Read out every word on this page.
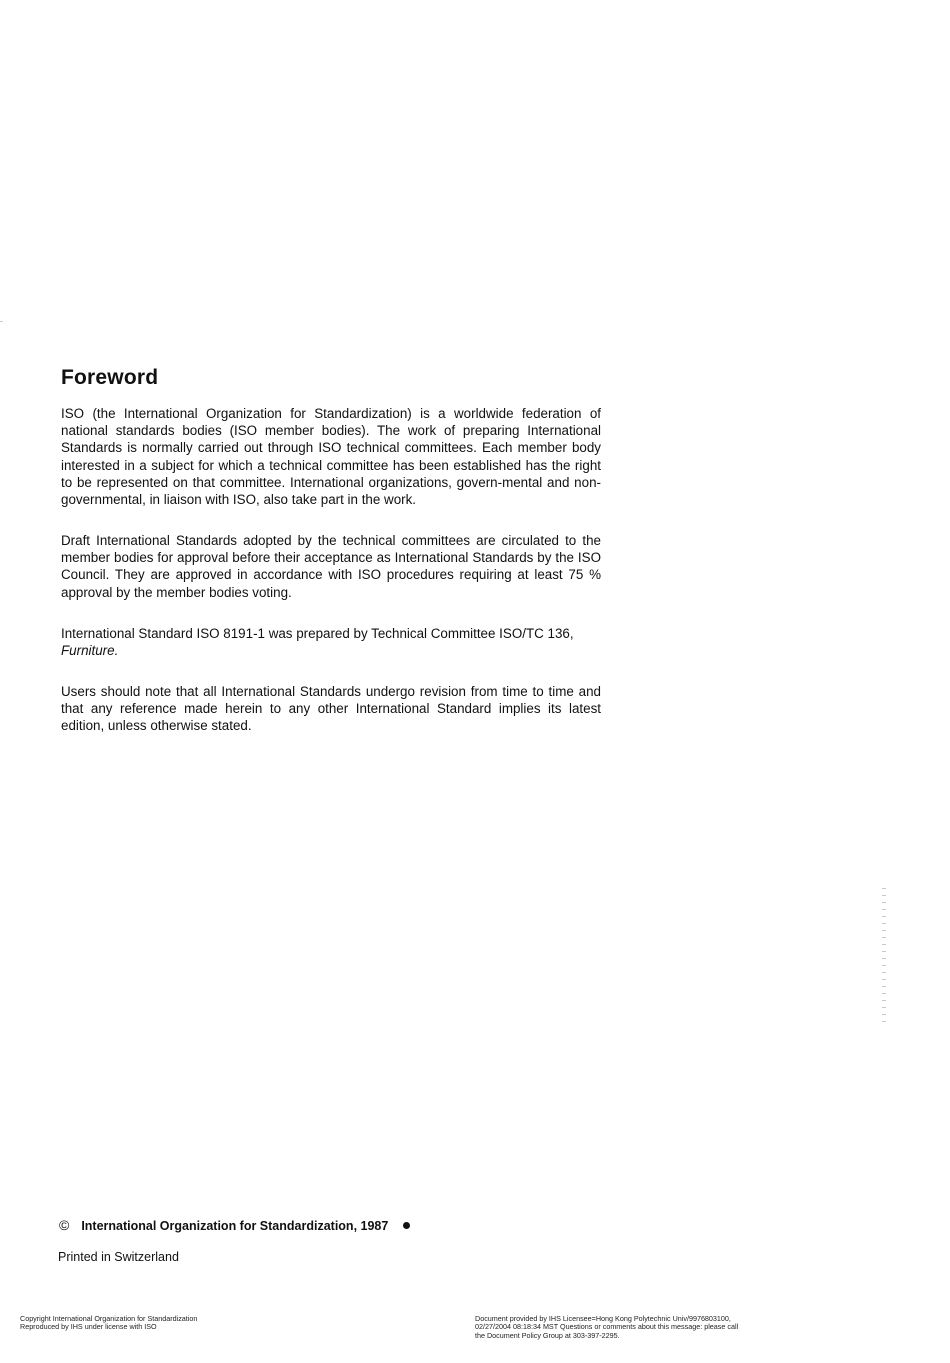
Foreword

ISO (the International Organization for Standardization) is a worldwide federation of national standards bodies (ISO member bodies). The work of preparing International Standards is normally carried out through ISO technical committees. Each member body interested in a subject for which a technical committee has been established has the right to be represented on that committee. International organizations, govern-mental and non-governmental, in liaison with ISO, also take part in the work.

Draft International Standards adopted by the technical committees are circulated to the member bodies for approval before their acceptance as International Standards by the ISO Council. They are approved in accordance with ISO procedures requiring at least 75 % approval by the member bodies voting.

International Standard ISO 8191-1 was prepared by Technical Committee ISO/TC 136,
Furniture.

Users should note that all International Standards undergo revision from time to time and that any reference made herein to any other International Standard implies its latest edition, unless otherwise stated.

© International Organization for Standardization, 1987
Printed in Switzerland
Copyright International Organization for Standardization
Reproduced by IHS under license with ISO
Document provided by IHS Licensee=Hong Kong Polytechnic Univ/9976803100,
02/27/2004 08:18:34 MST Questions or comments about this message: please call
the Document Policy Group at 303-397-2295.
